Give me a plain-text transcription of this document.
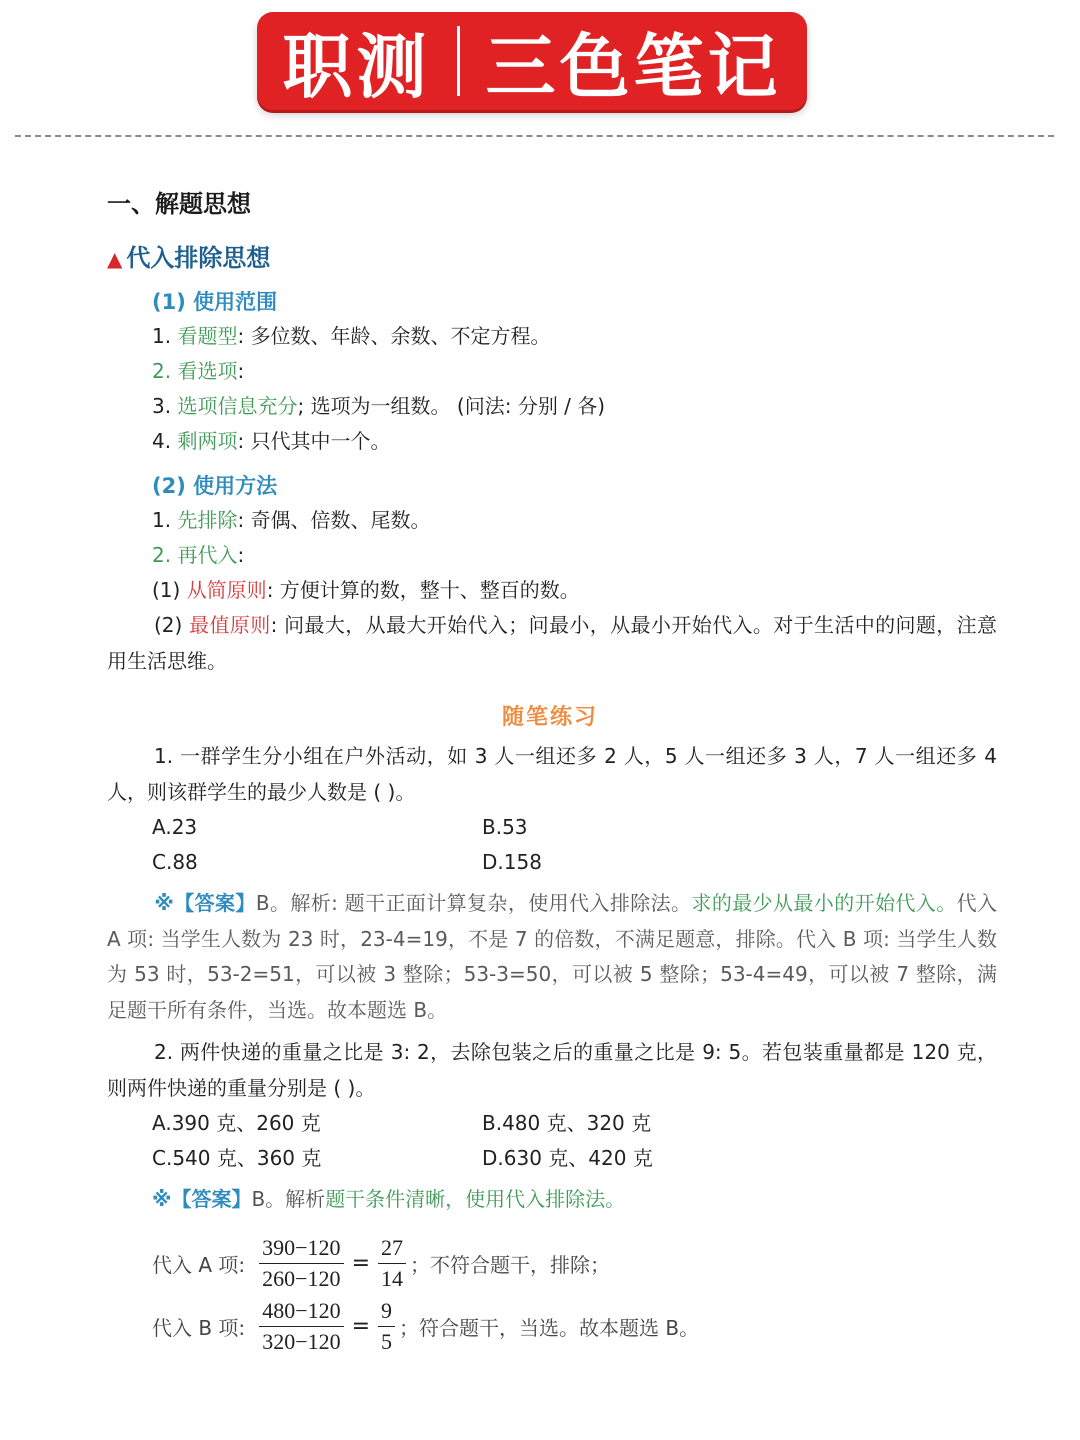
职测 三色笔记
一、解题思想
▲ 代入排除思想
(1) 使用范围
1. 看题型: 多位数、年龄、余数、不定方程。
2. 看选项:
3. 选项信息充分; 选项为一组数。 (问法: 分别 / 各)
4. 剩两项: 只代其中一个。
(2) 使用方法
1. 先排除: 奇偶、倍数、尾数。
2. 再代入:
(1) 从简原则: 方便计算的数，整十、整百的数。
(2) 最值原则: 问最大，从最大开始代入；问最小，从最小开始代入。对于生活中的问题，注意用生活思维。
随笔练习
1. 一群学生分小组在户外活动，如 3 人一组还多 2 人，5 人一组还多 3 人，7 人一组还多 4 人，则该群学生的最少人数是 ( )。
A.23	B.53
C.88	D.158
※【答案】B。解析: 题干正面计算复杂，使用代入排除法。求的最少从最小的开始代入。代入 A 项: 当学生人数为 23 时，23-4=19，不是 7 的倍数，不满足题意，排除。代入 B 项: 当学生人数为 53 时，53-2=51，可以被 3 整除；53-3=50，可以被 5 整除；53-4=49，可以被 7 整除，满足题干所有条件，当选。故本题选 B。
2. 两件快递的重量之比是 3: 2，去除包装之后的重量之比是 9: 5。若包装重量都是 120 克，则两件快递的重量分别是 ( )。
A.390 克、260 克	B.480 克、320 克
C.540 克、360 克	D.630 克、420 克
※【答案】B。解析题干条件清晰，使用代入排除法。
代入 A 项: $\frac{390-120}{260-120} = \frac{27}{14}$ ；不符合题干，排除；
代入 B 项: $\frac{480-120}{320-120} = \frac{9}{5}$ ；符合题干，当选。故本题选 B。
